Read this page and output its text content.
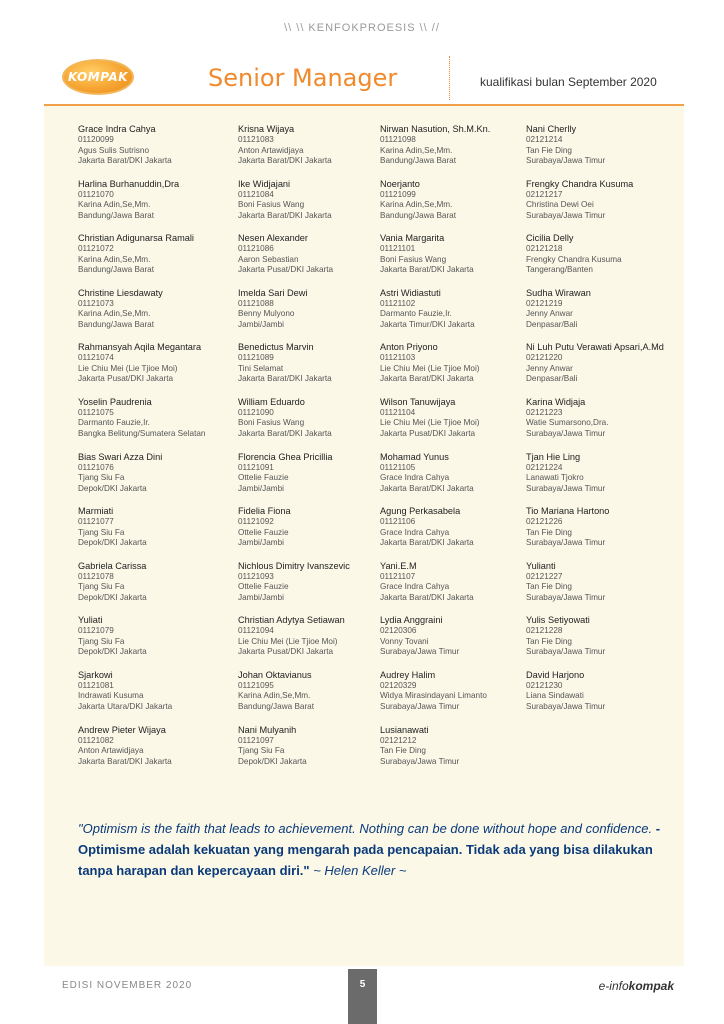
\\ \\ KENFOKPROESIS \\ //
KOMPAK	Senior Manager	kualifikasi bulan September 2020
Grace Indra Cahya
01120099
Agus Sulis Sutrisno
Jakarta Barat/DKI Jakarta
Harlina Burhanuddin,Dra
01121070
Karina Adin,Se,Mm.
Bandung/Jawa Barat
Christian Adigunarsa Ramali
01121072
Karina Adin,Se,Mm.
Bandung/Jawa Barat
Christine Liesdawaty
01121073
Karina Adin,Se,Mm.
Bandung/Jawa Barat
Rahmansyah Aqila Megantara
01121074
Lie Chiu Mei (Lie Tjioe Moi)
Jakarta Pusat/DKI Jakarta
Yoselin Paudrenia
01121075
Darmanto Fauzie,Ir.
Bangka Belitung/Sumatera Selatan
Bias Swari Azza Dini
01121076
Tjang Siu Fa
Depok/DKI Jakarta
Marmiati
01121077
Tjang Siu Fa
Depok/DKI Jakarta
Gabriela Carissa
01121078
Tjang Siu Fa
Depok/DKI Jakarta
Yuliati
01121079
Tjang Siu Fa
Depok/DKI Jakarta
Sjarkowi
01121081
Indrawati Kusuma
Jakarta Utara/DKI Jakarta
Andrew Pieter Wijaya
01121082
Anton Artawidjaya
Jakarta Barat/DKI Jakarta
Krisna Wijaya
01121083
Anton Artawidjaya
Jakarta Barat/DKI Jakarta
Ike Widjajani
01121084
Boni Fasius Wang
Jakarta Barat/DKI Jakarta
Nesen Alexander
01121086
Aaron Sebastian
Jakarta Pusat/DKI Jakarta
Imelda Sari Dewi
01121088
Benny Mulyono
Jambi/Jambi
Benedictus Marvin
01121089
Tini Selamat
Jakarta Barat/DKI Jakarta
William Eduardo
01121090
Boni Fasius Wang
Jakarta Barat/DKI Jakarta
Florencia Ghea Pricillia
01121091
Ottelie Fauzie
Jambi/Jambi
Fidelia Fiona
01121092
Ottelie Fauzie
Jambi/Jambi
Nichlous Dimitry Ivanszevic
01121093
Ottelie Fauzie
Jambi/Jambi
Christian Adytya Setiawan
01121094
Lie Chiu Mei (Lie Tjioe Moi)
Jakarta Pusat/DKI Jakarta
Johan Oktavianus
01121095
Karina Adin,Se,Mm.
Bandung/Jawa Barat
Nani Mulyanih
01121097
Tjang Siu Fa
Depok/DKI Jakarta
Nirwan Nasution, Sh.M.Kn.
01121098
Karina Adin,Se,Mm.
Bandung/Jawa Barat
Noerjanto
01121099
Karina Adin,Se,Mm.
Bandung/Jawa Barat
Vania Margarita
01121101
Boni Fasius Wang
Jakarta Barat/DKI Jakarta
Astri Widiastuti
01121102
Darmanto Fauzie,Ir.
Jakarta Timur/DKI Jakarta
Anton Priyono
01121103
Lie Chiu Mei (Lie Tjioe Moi)
Jakarta Barat/DKI Jakarta
Wilson Tanuwijaya
01121104
Lie Chiu Mei (Lie Tjioe Moi)
Jakarta Pusat/DKI Jakarta
Mohamad Yunus
01121105
Grace Indra Cahya
Jakarta Barat/DKI Jakarta
Agung Perkasabela
01121106
Grace Indra Cahya
Jakarta Barat/DKI Jakarta
Yani.E.M
01121107
Grace Indra Cahya
Jakarta Barat/DKI Jakarta
Lydia Anggraini
02120306
Vonny Tovani
Surabaya/Jawa Timur
Audrey Halim
02120329
Widya Mirasindayani Limanto
Surabaya/Jawa Timur
Lusianawati
02121212
Tan Fie Ding
Surabaya/Jawa Timur
Nani Cherlly
02121214
Tan Fie Ding
Surabaya/Jawa Timur
Frengky Chandra Kusuma
02121217
Christina Dewi Oei
Surabaya/Jawa Timur
Cicilia Delly
02121218
Frengky Chandra Kusuma
Tangerang/Banten
Sudha Wirawan
02121219
Jenny Anwar
Denpasar/Bali
Ni Luh Putu Verawati Apsari,A.Md
02121220
Jenny Anwar
Denpasar/Bali
Karina Widjaja
02121223
Watie Sumarsono,Dra.
Surabaya/Jawa Timur
Tjan Hie Ling
02121224
Lanawati Tjokro
Surabaya/Jawa Timur
Tio Mariana Hartono
02121226
Tan Fie Ding
Surabaya/Jawa Timur
Yulianti
02121227
Tan Fie Ding
Surabaya/Jawa Timur
Yulis Setiyowati
02121228
Tan Fie Ding
Surabaya/Jawa Timur
David Harjono
02121230
Liana Sindawati
Surabaya/Jawa Timur
"Optimism is the faith that leads to achievement. Nothing can be done without hope and confidence. - Optimisme adalah kekuatan yang mengarah pada pencapaian. Tidak ada yang bisa dilakukan tanpa harapan dan kepercayaan diri." ~ Helen Keller ~
EDISI NOVEMBER 2020	5	e-infokompak
